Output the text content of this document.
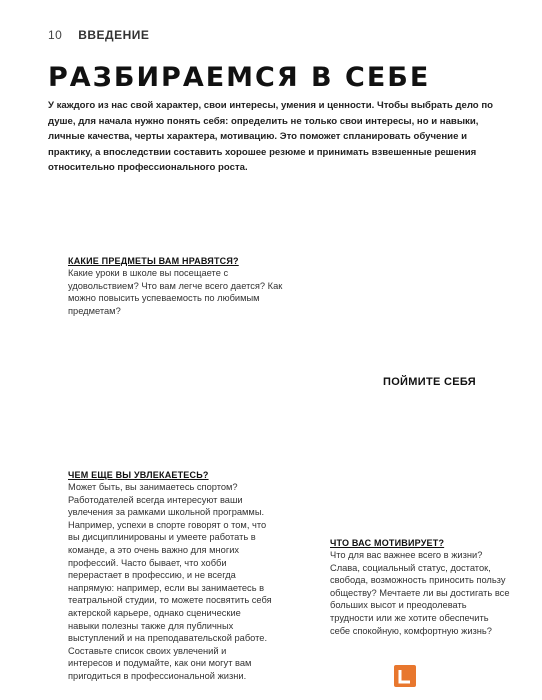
10 ВВЕДЕНИЕ
РАЗБИРАЕМСЯ В СЕБЕ

У каждого из нас свой характер, свои интересы, умения и ценности. Чтобы выбрать дело по душе, для начала нужно понять себя: определить не только свои интересы, но и навыки, личные качества, черты характера, мотивацию. Это поможет спланировать обучение и практику, а впоследствии составить хорошее резюме и принимать взвешенные решения относительно профессионального роста.

КАКИЕ ПРЕДМЕТЫ ВАМ НРАВЯТСЯ?

Какие уроки в школе вы посещаете с удовольствием? Что вам легче всего дается? Как можно повысить успеваемость по любимым предметам?

ПОЙМИТЕ СЕБЯ
ЧЕМ ЕЩЕ ВЫ УВЛЕКАЕТЕСЬ?

Может быть, вы занимаетесь спортом? Работодателей всегда интересуют ваши увлечения за рамками школьной программы. Например, успехи в спорте говорят о том, что вы дисциплинированы и умеете работать в команде, а это очень важно для многих профессий. Часто бывает, что хобби перерастает в профессию, и не всегда напрямую: например, если вы занимаетесь в театральной студии, то можете посвятить себя актерской карьере, однако сценические навыки полезны также для публичных выступлений и на преподавательской работе. Составьте список своих увлечений и интересов и подумайте, как они могут вам пригодиться в профессиональной жизни.

ЧТО ВАС МОТИВИРУЕТ?

Что для вас важнее всего в жизни? Слава, социальный статус, достаток, свобода, возможность приносить пользу обществу? Мечтаете ли вы достигать все больших высот и преодолевать трудности или же хотите обеспечить себе спокойную, комфортную жизнь?
